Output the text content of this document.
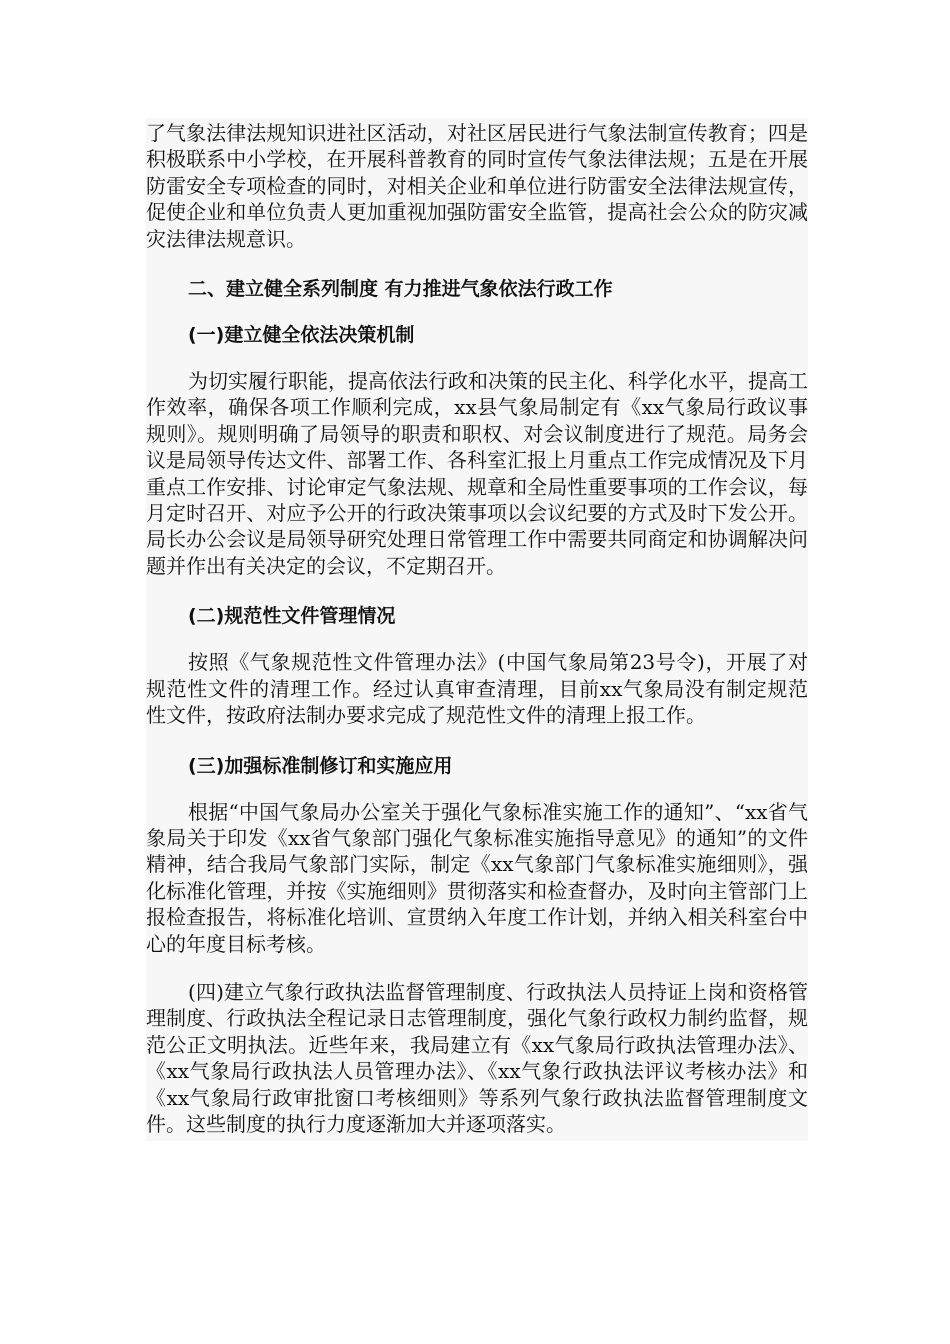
了气象法律法规知识进社区活动，对社区居民进行气象法制宣传教育；四是积极联系中小学校，在开展科普教育的同时宣传气象法律法规；五是在开展防雷安全专项检查的同时，对相关企业和单位进行防雷安全法律法规宣传，促使企业和单位负责人更加重视加强防雷安全监管，提高社会公众的防灾减灾法律法规意识。

二、建立健全系列制度 有力推进气象依法行政工作

(一)建立健全依法决策机制

为切实履行职能，提高依法行政和决策的民主化、科学化水平，提高工作效率，确保各项工作顺利完成，xx县气象局制定有《xx气象局行政议事规则》。规则明确了局领导的职责和职权、对会议制度进行了规范。局务会议是局领导传达文件、部署工作、各科室汇报上月重点工作完成情况及下月重点工作安排、讨论审定气象法规、规章和全局性重要事项的工作会议，每月定时召开、对应予公开的行政决策事项以会议纪要的方式及时下发公开。局长办公会议是局领导研究处理日常管理工作中需要共同商定和协调解决问题并作出有关决定的会议，不定期召开。

(二)规范性文件管理情况

按照《气象规范性文件管理办法》(中国气象局第23号令)，开展了对规范性文件的清理工作。经过认真审查清理，目前xx气象局没有制定规范性文件，按政府法制办要求完成了规范性文件的清理上报工作。

(三)加强标准制修订和实施应用

根据“中国气象局办公室关于强化气象标准实施工作的通知”、“xx省气象局关于印发《xx省气象部门强化气象标准实施指导意见》的通知”的文件精神，结合我局气象部门实际，制定《xx气象部门气象标准实施细则》，强化标准化管理，并按《实施细则》贯彻落实和检查督办，及时向主管部门上报检查报告，将标准化培训、宣贯纳入年度工作计划，并纳入相关科室台中心的年度目标考核。

(四)建立气象行政执法监督管理制度、行政执法人员持证上岗和资格管理制度、行政执法全程记录日志管理制度，强化气象行政权力制约监督，规范公正文明执法。近些年来，我局建立有《xx气象局行政执法管理办法》、《xx气象局行政执法人员管理办法》、《xx气象行政执法评议考核办法》和《xx气象局行政审批窗口考核细则》等系列气象行政执法监督管理制度文件。这些制度的执行力度逐渐加大并逐项落实。
